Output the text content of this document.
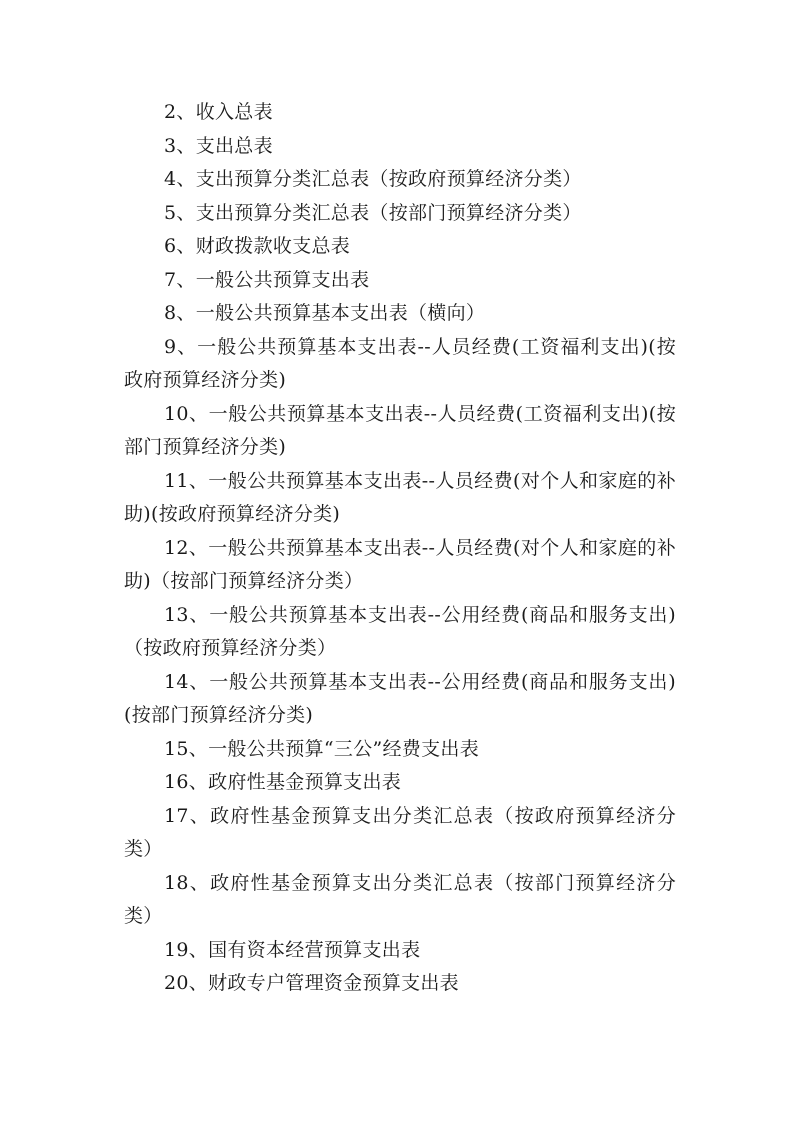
2、收入总表

3、支出总表

4、支出预算分类汇总表（按政府预算经济分类）

5、支出预算分类汇总表（按部门预算经济分类）

6、财政拨款收支总表

7、一般公共预算支出表

8、一般公共预算基本支出表（横向）

9、一般公共预算基本支出表--人员经费(工资福利支出)(按政府预算经济分类)

10、一般公共预算基本支出表--人员经费(工资福利支出)(按部门预算经济分类)

11、一般公共预算基本支出表--人员经费(对个人和家庭的补助)(按政府预算经济分类)

12、一般公共预算基本支出表--人员经费(对个人和家庭的补助)（按部门预算经济分类）

13、一般公共预算基本支出表--公用经费(商品和服务支出)（按政府预算经济分类）

14、一般公共预算基本支出表--公用经费(商品和服务支出)(按部门预算经济分类)

15、一般公共预算“三公”经费支出表

16、政府性基金预算支出表

17、政府性基金预算支出分类汇总表（按政府预算经济分类）

18、政府性基金预算支出分类汇总表（按部门预算经济分类）

19、国有资本经营预算支出表

20、财政专户管理资金预算支出表
